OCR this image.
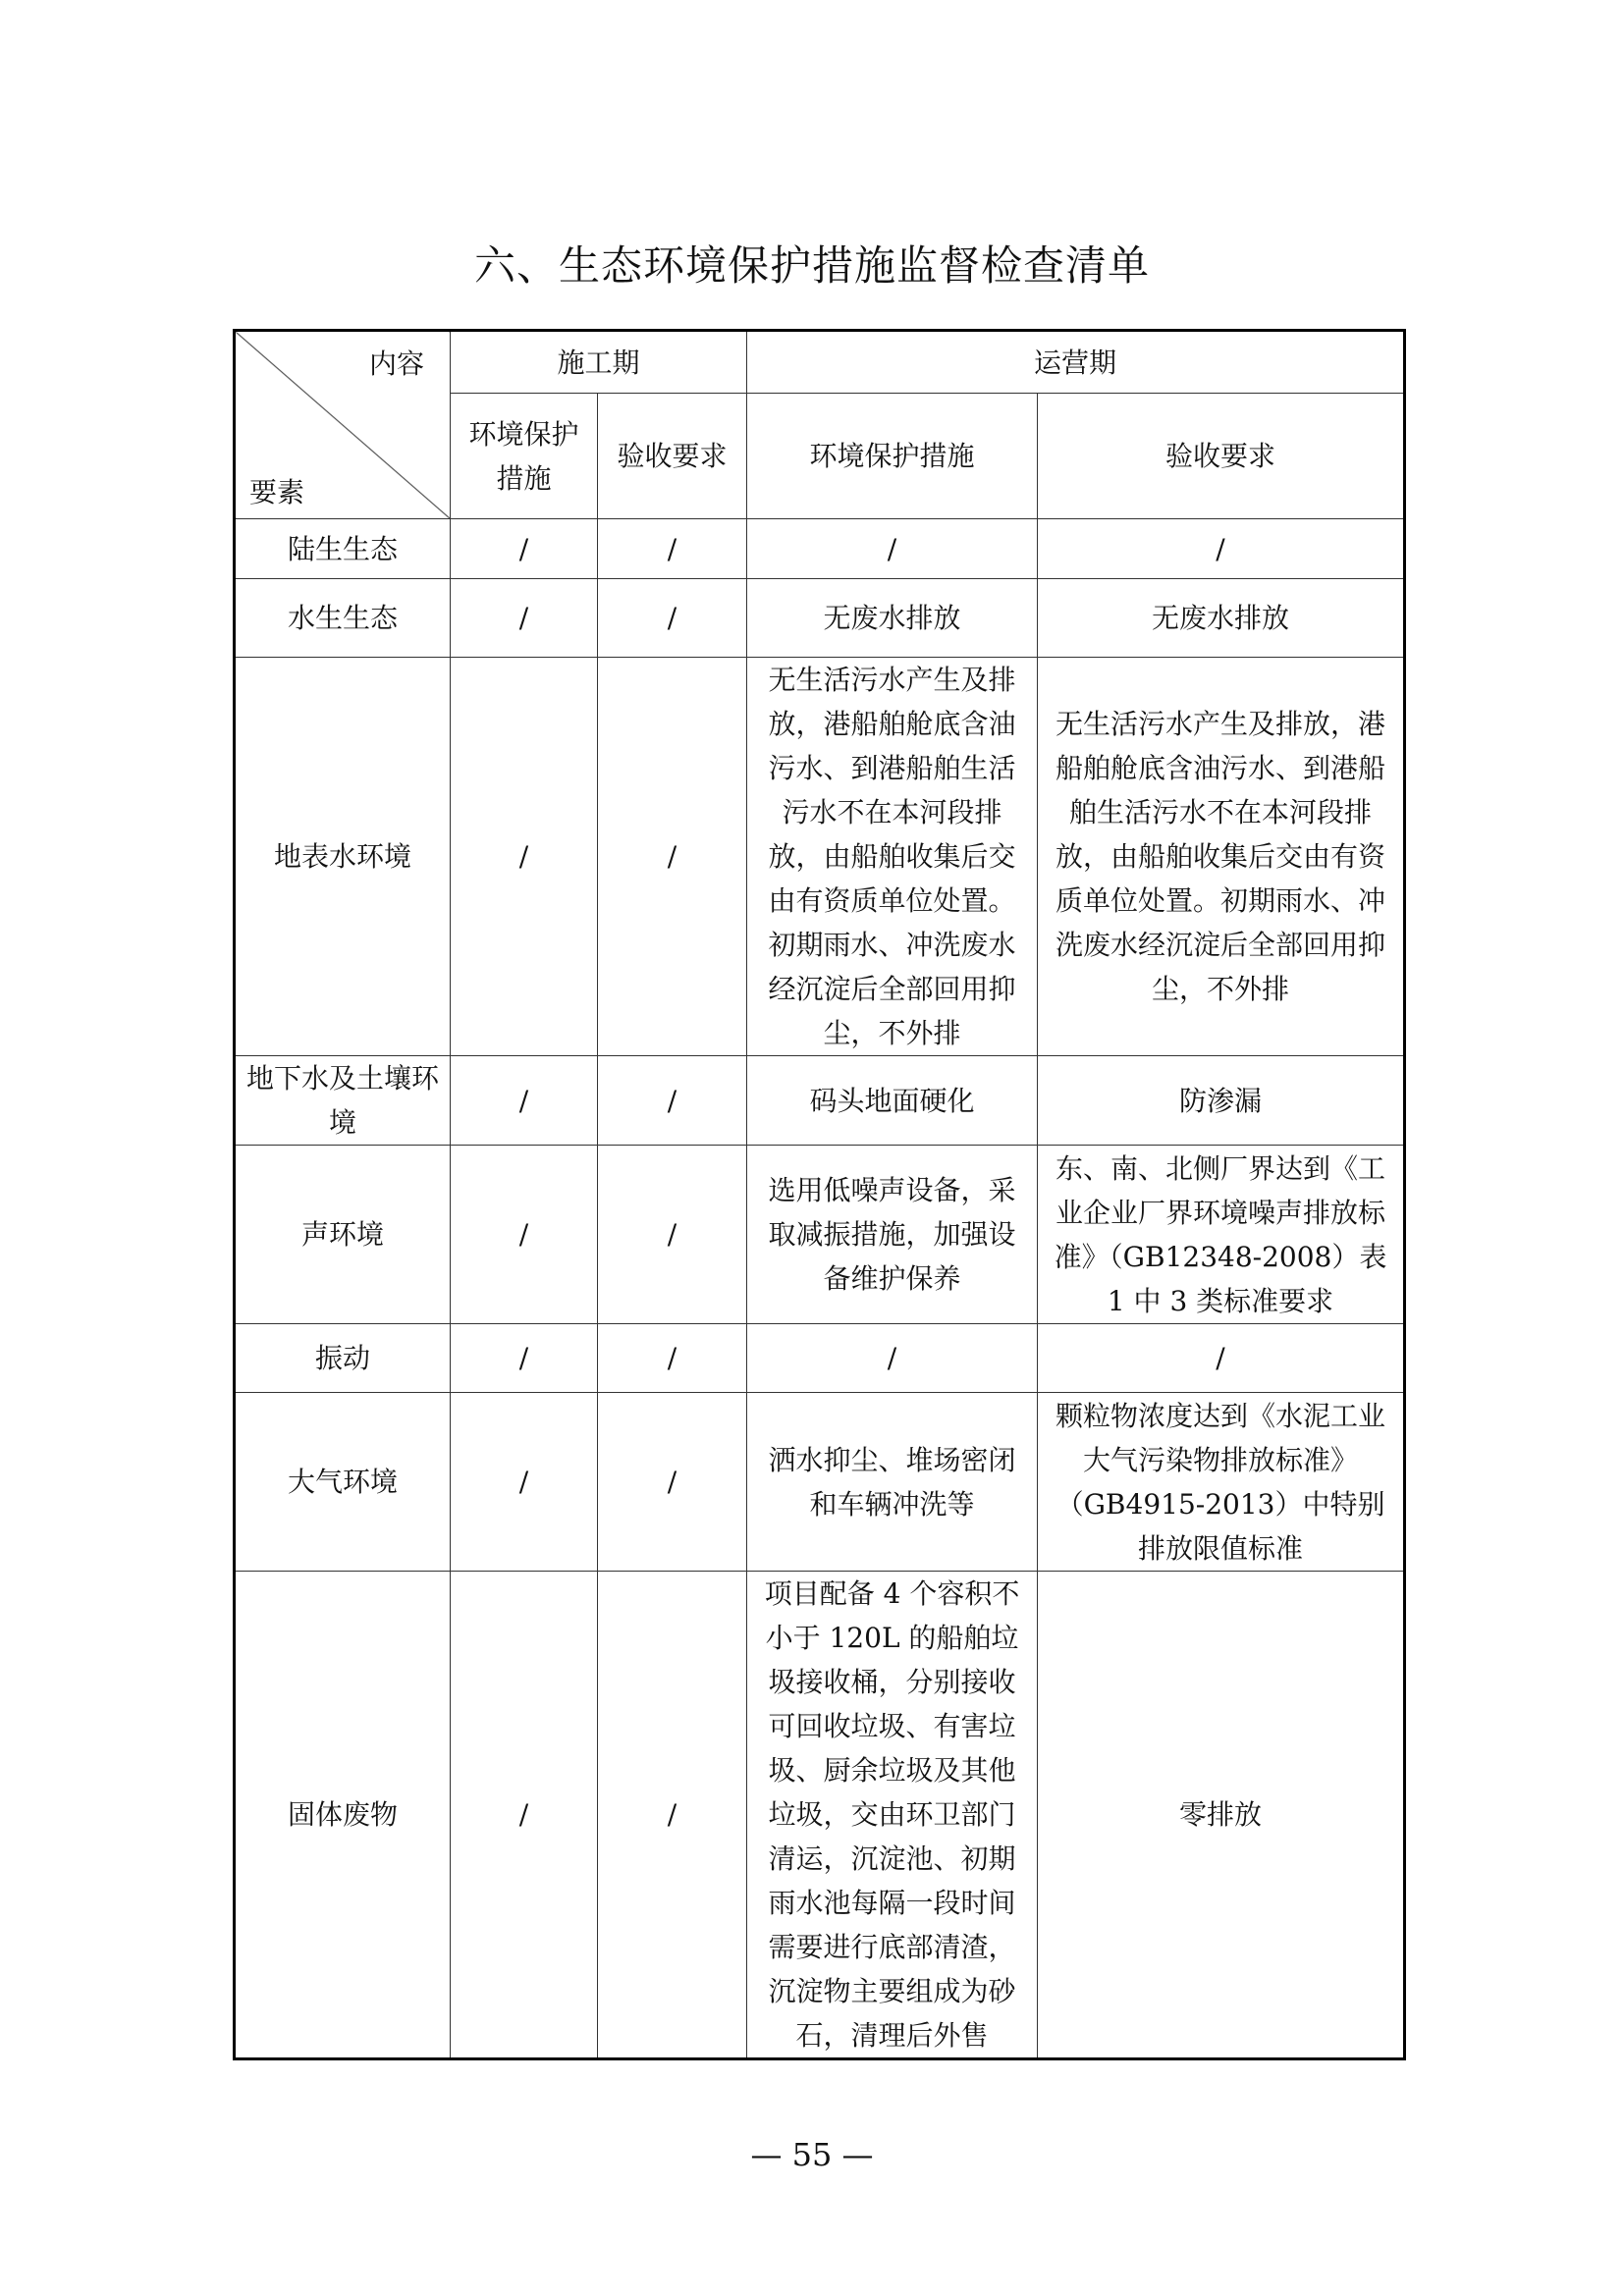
六、生态环境保护措施监督检查清单
内容
要素	施工期		运营期	
	环境保护措施	验收要求	环境保护措施	验收要求
陆生生态	/	/	/	/
水生生态	/	/	无废水排放	无废水排放
地表水环境	/	/	无生活污水产生及排放，港船舶舱底含油污水、到港船舶生活污水不在本河段排放，由船舶收集后交由有资质单位处置。初期雨水、冲洗废水经沉淀后全部回用抑尘，不外排	无生活污水产生及排放，港船舶舱底含油污水、到港船舶生活污水不在本河段排放，由船舶收集后交由有资质单位处置。初期雨水、冲洗废水经沉淀后全部回用抑尘，不外排
地下水及土壤环境	/	/	码头地面硬化	防渗漏
声环境	/	/	选用低噪声设备，采取减振措施，加强设备维护保养	东、南、北侧厂界达到《工业企业厂界环境噪声排放标准》（GB12348-2008）表 1 中 3 类标准要求
振动	/	/	/	/
大气环境	/	/	洒水抑尘、堆场密闭和车辆冲洗等	颗粒物浓度达到《水泥工业大气污染物排放标准》（GB4915-2013）中特别排放限值标准
固体废物	/	/	项目配备 4 个容积不小于 120L 的船舶垃圾接收桶，分别接收可回收垃圾、有害垃圾、厨余垃圾及其他垃圾，交由环卫部门清运，沉淀池、初期雨水池每隔一段时间需要进行底部清渣，沉淀物主要组成为砂石，清理后外售	零排放
— 55 —
